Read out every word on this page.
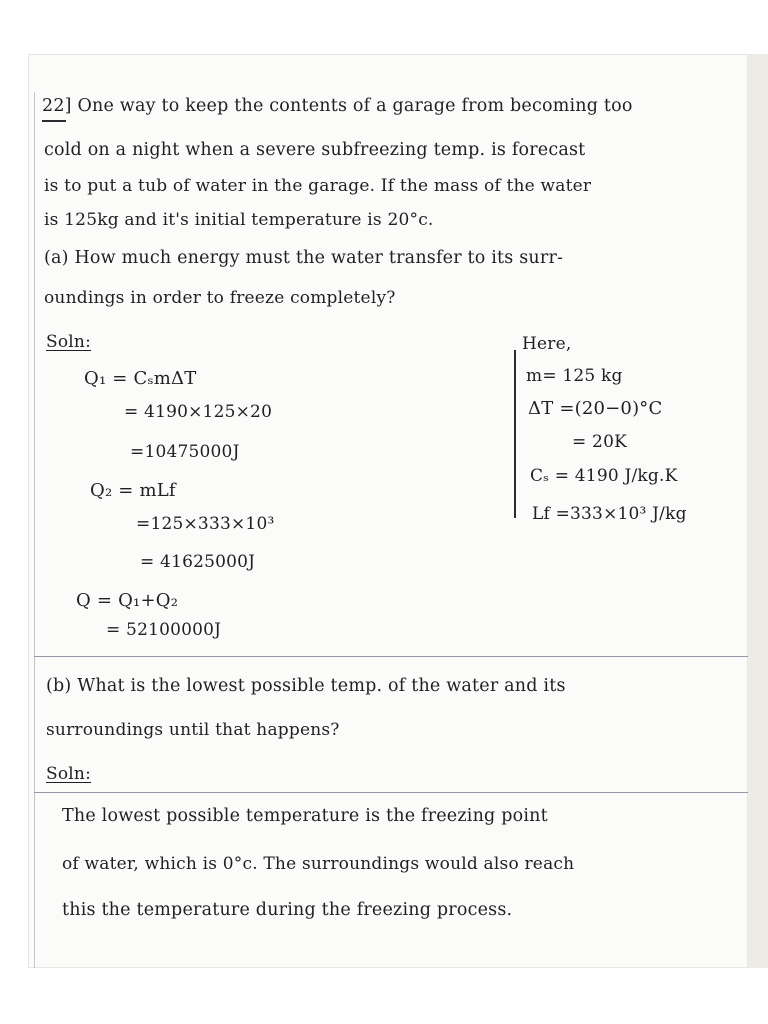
22] One way to keep the contents of a garage from becoming too
cold on a night when a severe subfreezing temp. is forecast
is to put a tub of water in the garage. If the mass of the water
is 125kg and it's initial temperature is 20°c.
(a) How much energy must the water transfer to its surr-
oundings in order to freeze completely?
Soln:
Q₁ = CₛmΔT
= 4190×125×20
=10475000J
Q₂ = mLf
=125×333×10³
= 41625000J
Q = Q₁+Q₂
= 52100000J
Here,
m= 125 kg
ΔT =(20−0)°C
= 20K
Cₛ = 4190 J/kg.K
Lf =333×10³ J/kg
(b) What is the lowest possible temp. of the water and its
surroundings until that happens?
Soln:
The lowest possible temperature is the freezing point
of water, which is 0°c. The surroundings would also reach
this the temperature during the freezing process.
